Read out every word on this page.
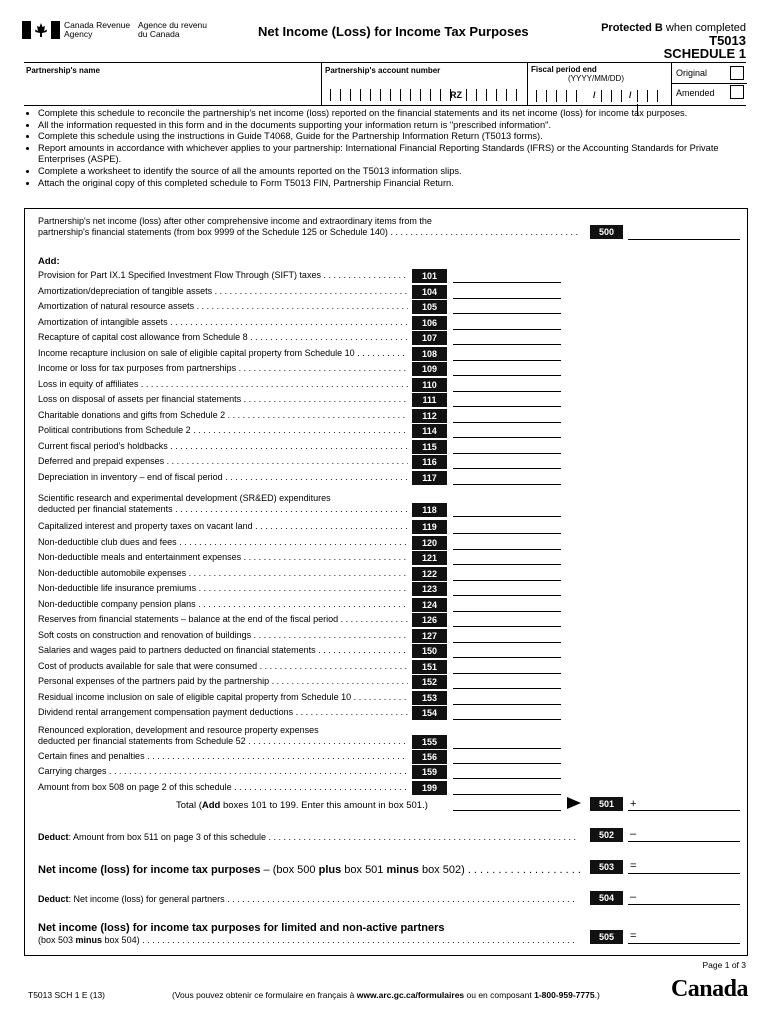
Canada Revenue
Agency
Agence du revenu
du Canada	Net Income (Loss) for Income Tax Purposes	Protected B when completed
T5013
SCHEDULE 1
Partnership's name	Partnership's account number
RZ
Fiscal period end
(YYYY/MM/DD)
/	/
Original
Amended
• Complete this schedule to reconcile the partnership's net income (loss) reported on the financial statements and its net income (loss) for income tax purposes.
• All the information requested in this form and in the documents supporting your information return is "prescribed information".
• Complete this schedule using the instructions in Guide T4068, Guide for the Partnership Information Return (T5013 forms).
• Report amounts in accordance with whichever applies to your partnership: International Financial Reporting Standards (IFRS) or the Accounting Standards for Private Enterprises (ASPE).
• Complete a worksheet to identify the source of all the amounts reported on the T5013 information slips.
• Attach the original copy of this completed schedule to Form T5013 FIN, Partnership Financial Return.
Partnership's net income (loss) after other comprehensive income and extraordinary items from the
partnership's financial statements (from box 9999 of the Schedule 125 or Schedule 140) . . .	500
Add:
Provision for Part IX.1 Specified Investment Flow Through (SIFT) taxes . . .	101
Amortization/depreciation of tangible assets . . .	104
Amortization of natural resource assets . . .	105
Amortization of intangible assets . . .	106
Recapture of capital cost allowance from Schedule 8 . . .	107
Income recapture inclusion on sale of eligible capital property from Schedule 10 . . .	108
Income or loss for tax purposes from partnerships . . .	109
Loss in equity of affiliates . . .	110
Loss on disposal of assets per financial statements . . .	111
Charitable donations and gifts from Schedule 2 . . .	112
Political contributions from Schedule 2 . . .	114
Current fiscal period's holdbacks . . .	115
Deferred and prepaid expenses . . .	116
Depreciation in inventory – end of fiscal period . . .	117
Scientific research and experimental development (SR&ED) expenditures
deducted per financial statements . . .	118
Capitalized interest and property taxes on vacant land . . .	119
Non-deductible club dues and fees . . .	120
Non-deductible meals and entertainment expenses . . .	121
Non-deductible automobile expenses . . .	122
Non-deductible life insurance premiums . . .	123
Non-deductible company pension plans . . .	124
Reserves from financial statements – balance at the end of the fiscal period . . .	126
Soft costs on construction and renovation of buildings . . .	127
Salaries and wages paid to partners deducted on financial statements . . .	150
Cost of products available for sale that were consumed . . .	151
Personal expenses of the partners paid by the partnership . . .	152
Residual income inclusion on sale of eligible capital property from Schedule 10 . . .	153
Dividend rental arrangement compensation payment deductions . . .	154
Renounced exploration, development and resource property expenses
deducted per financial statements from Schedule 52 . . .	155
Certain fines and penalties . . .	156
Carrying charges . . .	159
Amount from box 508 on page 2 of this schedule . . .	199
Total (Add boxes 101 to 199. Enter this amount in box 501.)	501	+
Deduct: Amount from box 511 on page 3 of this schedule . . .	502	–
Net income (loss) for income tax purposes – (box 500 plus box 501 minus box 502) . . .	503	=
Deduct: Net income (loss) for general partners . . .	504	–
Net income (loss) for income tax purposes for limited and non-active partners
(box 503 minus box 504) . . .	505	=
Page 1 of 3
T5013 SCH 1 E (13)	(Vous pouvez obtenir ce formulaire en français à www.arc.gc.ca/formulaires ou en composant 1-800-959-7775.)	Canada
